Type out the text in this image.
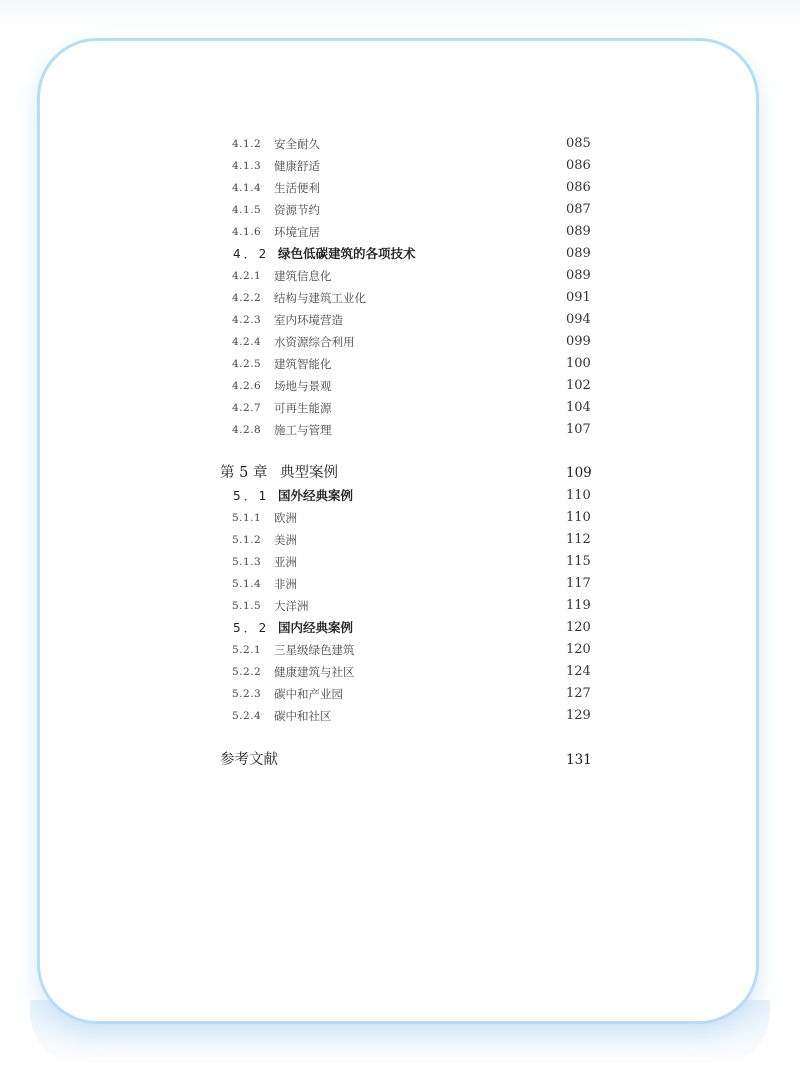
4.1.2 安全耐久	085
4.1.3 健康舒适	086
4.1.4 生活便利	086
4.1.5 资源节约	087
4.1.6 环境宜居	089
4．2 绿色低碳建筑的各项技术	089
4.2.1 建筑信息化	089
4.2.2 结构与建筑工业化	091
4.2.3 室内环境营造	094
4.2.4 水资源综合利用	099
4.2.5 建筑智能化	100
4.2.6 场地与景观	102
4.2.7 可再生能源	104
4.2.8 施工与管理	107
第 5 章 典型案例	109
5．1 国外经典案例	110
5.1.1 欧洲	110
5.1.2 美洲	112
5.1.3 亚洲	115
5.1.4 非洲	117
5.1.5 大洋洲	119
5．2 国内经典案例	120
5.2.1 三星级绿色建筑	120
5.2.2 健康建筑与社区	124
5.2.3 碳中和产业园	127
5.2.4 碳中和社区	129
参考文献	131
